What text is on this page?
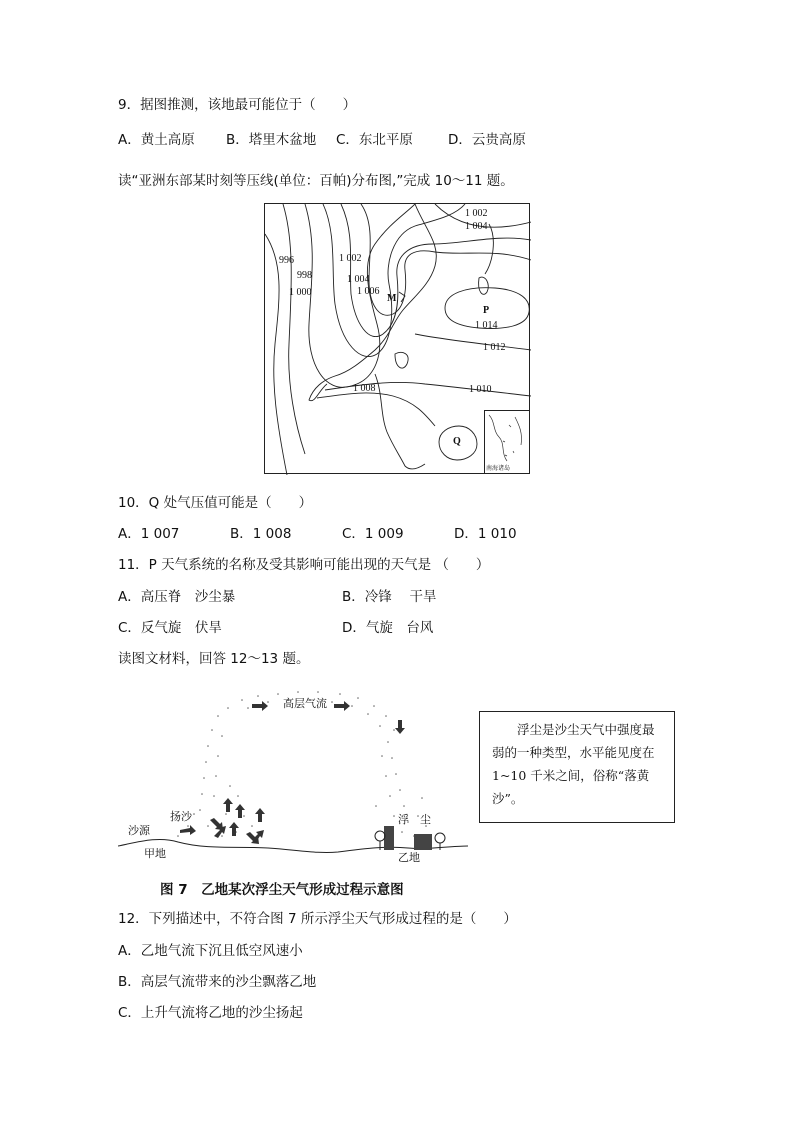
9．据图推测，该地最可能位于（　　）
A．黄土高原 B．塔里木盆地 C．东北平原	D．云贵高原
读“亚洲东部某时刻等压线(单位：百帕)分布图,”完成 10～11 题。
1 002
1 004
996
998
1 000
1 002
1 004
1 006
M
P
1 014
1 012
1 008	1 010
Q
南海诸岛
10．Q 处气压值可能是（　　）
A．1 007	B．1 008	C．1 009	D．1 010
11．P 天气系统的名称及受其影响可能出现的天气是 （　　）
A．高压脊　沙尘暴	B．冷锋　 干旱
C．反气旋　伏旱	D．气旋　台风
读图文材料，回答 12～13 题。
高层气流
扬沙
沙源
甲地
浮　尘
乙地
浮尘是沙尘天气中强度最弱的一种类型，水平能见度在 1~10 千米之间，俗称“落黄沙”。
图 7　乙地某次浮尘天气形成过程示意图
12．下列描述中，不符合图 7 所示浮尘天气形成过程的是（　　）
A．乙地气流下沉且低空风速小
B．高层气流带来的沙尘飘落乙地
C．上升气流将乙地的沙尘扬起
